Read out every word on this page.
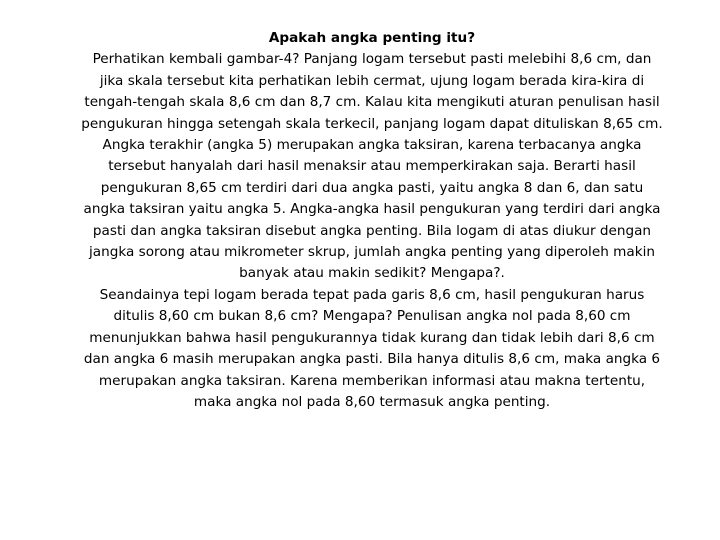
Apakah angka penting itu?

Perhatikan kembali gambar-4? Panjang logam tersebut pasti melebihi 8,6 cm, dan jika skala tersebut kita perhatikan lebih cermat, ujung logam berada kira-kira di tengah-tengah skala 8,6 cm dan 8,7 cm. Kalau kita mengikuti aturan penulisan hasil pengukuran hingga setengah skala terkecil, panjang logam dapat dituliskan 8,65 cm.

Angka terakhir (angka 5) merupakan angka taksiran, karena terbacanya angka tersebut hanyalah dari hasil menaksir atau memperkirakan saja. Berarti hasil pengukuran 8,65 cm terdiri dari dua angka pasti, yaitu angka 8 dan 6, dan satu angka taksiran yaitu angka 5. Angka-angka hasil pengukuran yang terdiri dari angka pasti dan angka taksiran disebut angka penting. Bila logam di atas diukur dengan jangka sorong atau mikrometer skrup, jumlah angka penting yang diperoleh makin banyak atau makin sedikit? Mengapa?.

Seandainya tepi logam berada tepat pada garis 8,6 cm, hasil pengukuran harus ditulis 8,60 cm bukan 8,6 cm? Mengapa? Penulisan angka nol pada 8,60 cm menunjukkan bahwa hasil pengukurannya tidak kurang dan tidak lebih dari 8,6 cm dan angka 6 masih merupakan angka pasti. Bila hanya ditulis 8,6 cm, maka angka 6 merupakan angka taksiran. Karena memberikan informasi atau makna tertentu, maka angka nol pada 8,60 termasuk angka penting.
